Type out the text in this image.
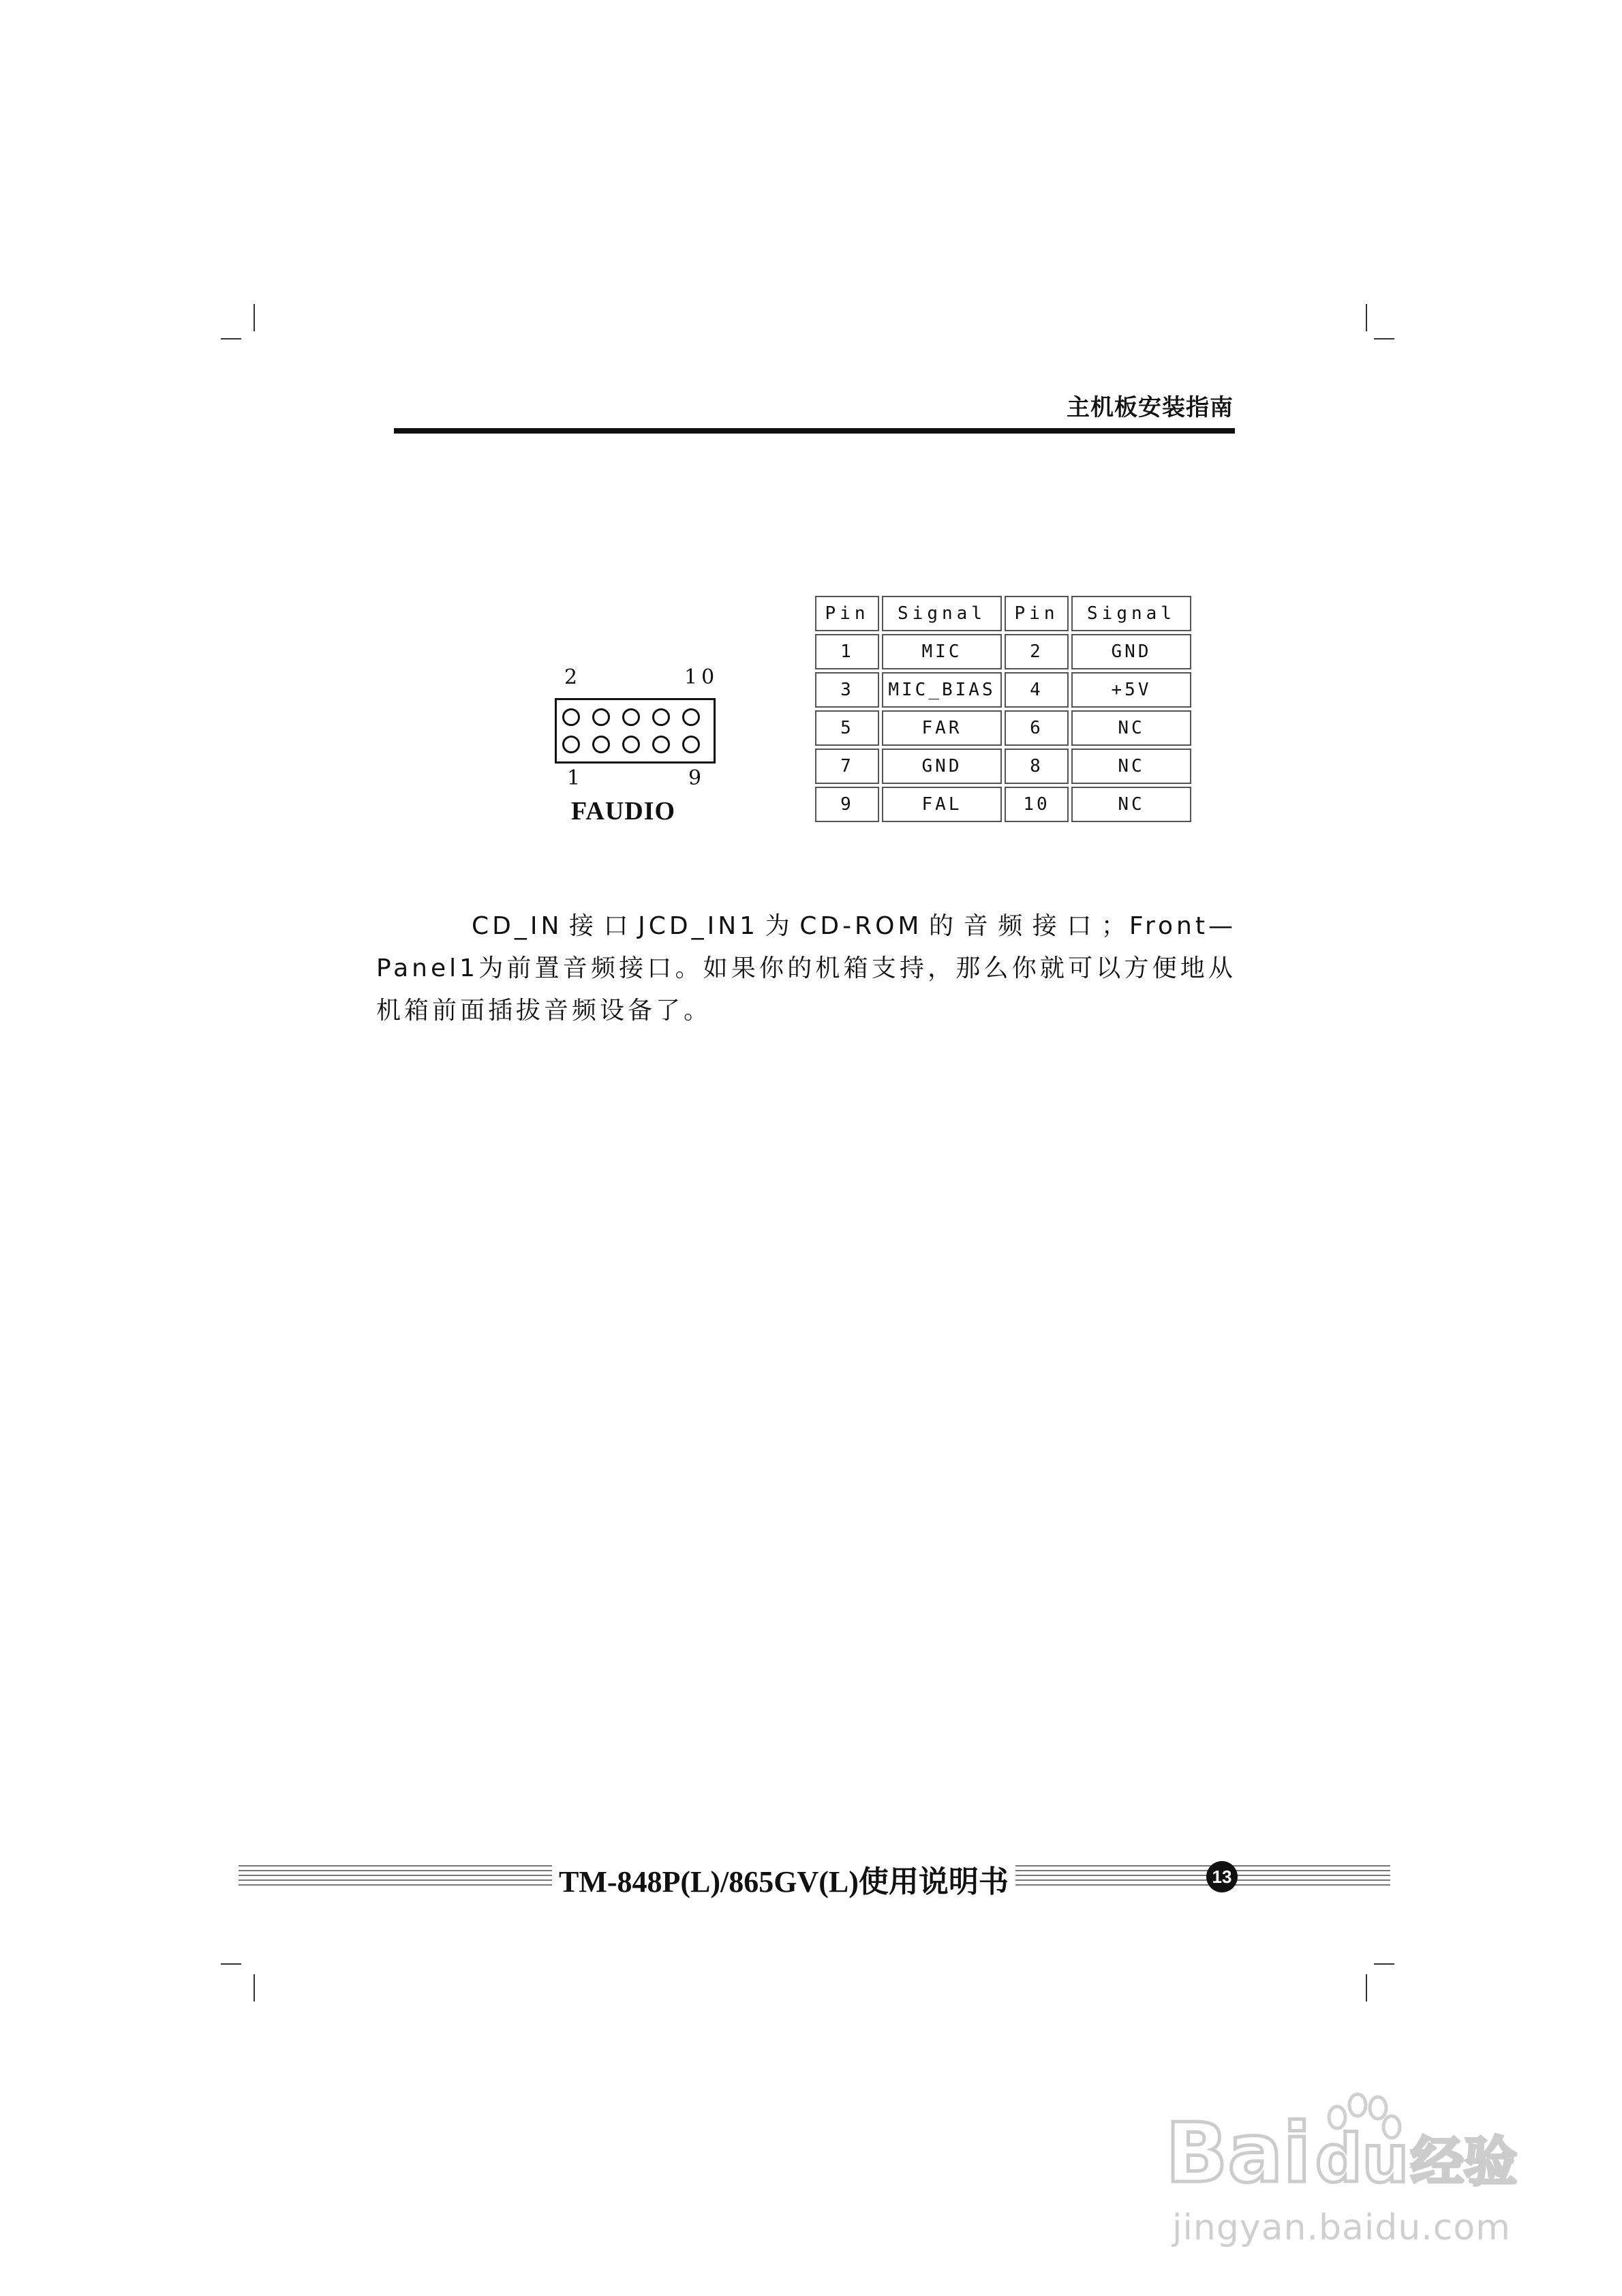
主机板安装指南
2	10
1	9
FAUDIO
Pin	Signal	Pin	Signal
1	MIC	2	GND
3	MIC_BIAS	4	+5V
5	FAR	6	NC
7	GND	8	NC
9	FAL	10	NC
CD_IN接口JCD_IN1为CD-ROM的音频接口；Front—Panel1为前置音频接口。如果你的机箱支持，那么你就可以方便地从机箱前面插拔音频设备了。
TM-848P(L)/865GV(L)使用说明书	13
Bai du 经验
jingyan.baidu.com
